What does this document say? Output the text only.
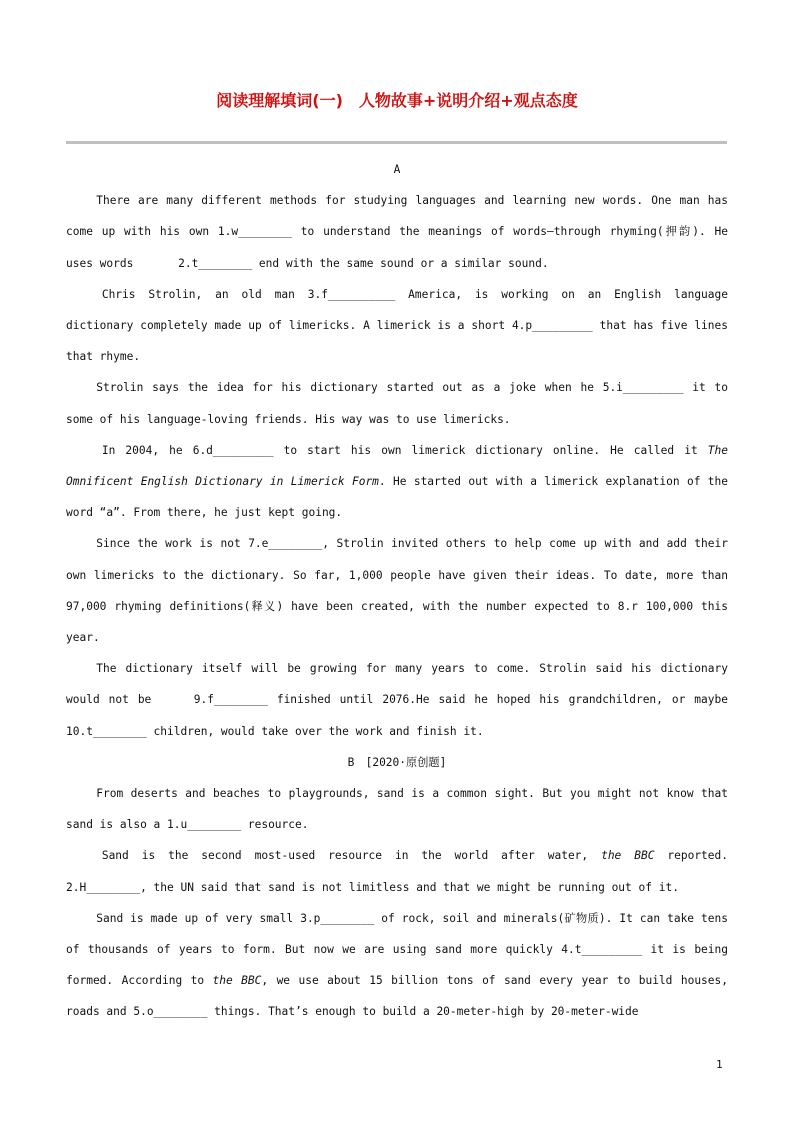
阅读理解填词(一)　人物故事+说明介绍+观点态度

A

There are many different methods for studying languages and learning new words. One man has come up with his own 1.w________ to understand the meanings of words—through rhyming(押韵). He uses words　　　　2.t________ end with the same sound or a similar sound.

Chris Strolin, an old man 3.f__________ America, is working on an English language dictionary completely made up of limericks. A limerick is a short 4.p_________ that has five lines that rhyme.

Strolin says the idea for his dictionary started out as a joke when he 5.i_________ it to some of his language-loving friends. His way was to use limericks.

In 2004, he 6.d_________ to start his own limerick dictionary online. He called it The Omnificent English Dictionary in Limerick Form. He started out with a limerick explanation of the word “a”. From there, he just kept going.

Since the work is not 7.e________, Strolin invited others to help come up with and add their own limericks to the dictionary. So far, 1,000 people have given their ideas. To date, more than 97,000 rhyming definitions(释义) have been created, with the number expected to 8.r 100,000 this year.

The dictionary itself will be growing for many years to come. Strolin said his dictionary would not be　　　9.f________ finished until 2076.He said he hoped his grandchildren, or maybe 10.t________ children, would take over the work and finish it.

B　[2020·原创题]

From deserts and beaches to playgrounds, sand is a common sight. But you might not know that sand is also a 1.u________ resource.

Sand is the second most-used resource in the world after water, the BBC reported. 2.H________, the UN said that sand is not limitless and that we might be running out of it.

Sand is made up of very small 3.p________ of rock, soil and minerals(矿物质). It can take tens of thousands of years to form. But now we are using sand more quickly 4.t_________ it is being formed. According to the BBC, we use about 15 billion tons of sand every year to build houses, roads and 5.o________ things. That’s enough to build a 20-meter-high by 20-meter-wide

1
